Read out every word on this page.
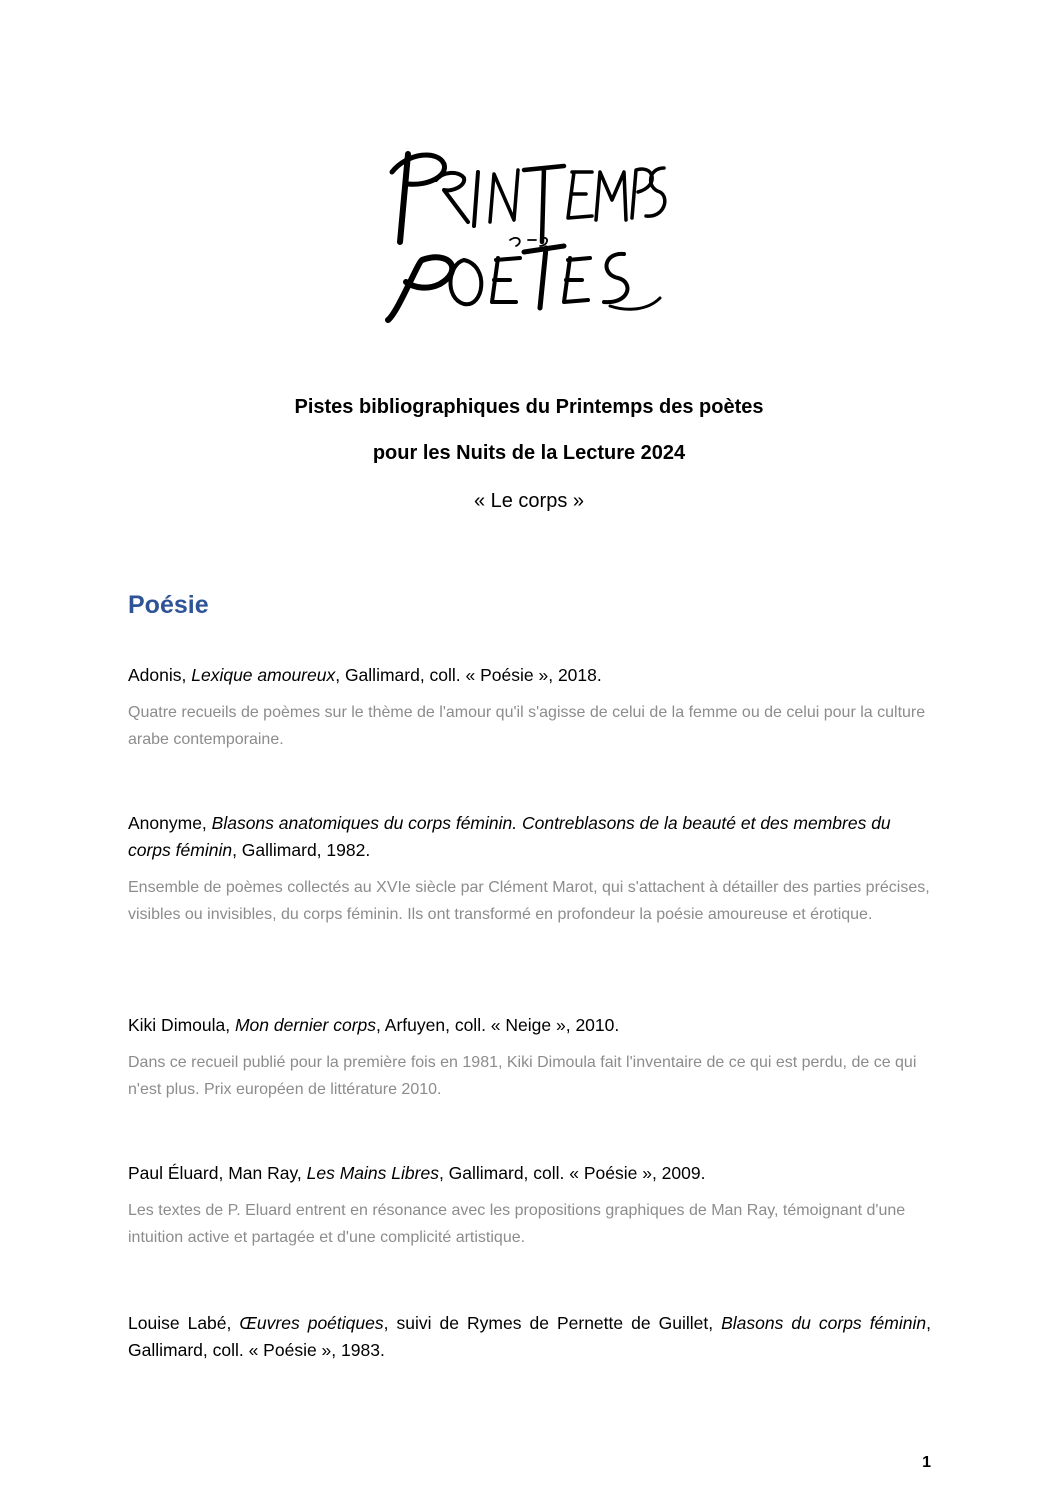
Pistes bibliographiques du Printemps des poètes
pour les Nuits de la Lecture 2024
« Le corps »
Poésie

Adonis, Lexique amoureux, Gallimard, coll. « Poésie », 2018.

Quatre recueils de poèmes sur le thème de l'amour qu'il s'agisse de celui de la femme ou de celui pour la culture arabe contemporaine.

Anonyme, Blasons anatomiques du corps féminin. Contreblasons de la beauté et des membres du corps féminin, Gallimard, 1982.

Ensemble de poèmes collectés au XVIe siècle par Clément Marot, qui s'attachent à détailler des parties précises, visibles ou invisibles, du corps féminin. Ils ont transformé en profondeur la poésie amoureuse et érotique.

Kiki Dimoula, Mon dernier corps, Arfuyen, coll. « Neige », 2010.

Dans ce recueil publié pour la première fois en 1981, Kiki Dimoula fait l'inventaire de ce qui est perdu, de ce qui n'est plus. Prix européen de littérature 2010.

Paul Éluard, Man Ray, Les Mains Libres, Gallimard, coll. « Poésie », 2009.

Les textes de P. Eluard entrent en résonance avec les propositions graphiques de Man Ray, témoignant d'une intuition active et partagée et d'une complicité artistique.

Louise Labé, Œuvres poétiques, suivi de Rymes de Pernette de Guillet, Blasons du corps féminin, Gallimard, coll. « Poésie », 1983.

1
